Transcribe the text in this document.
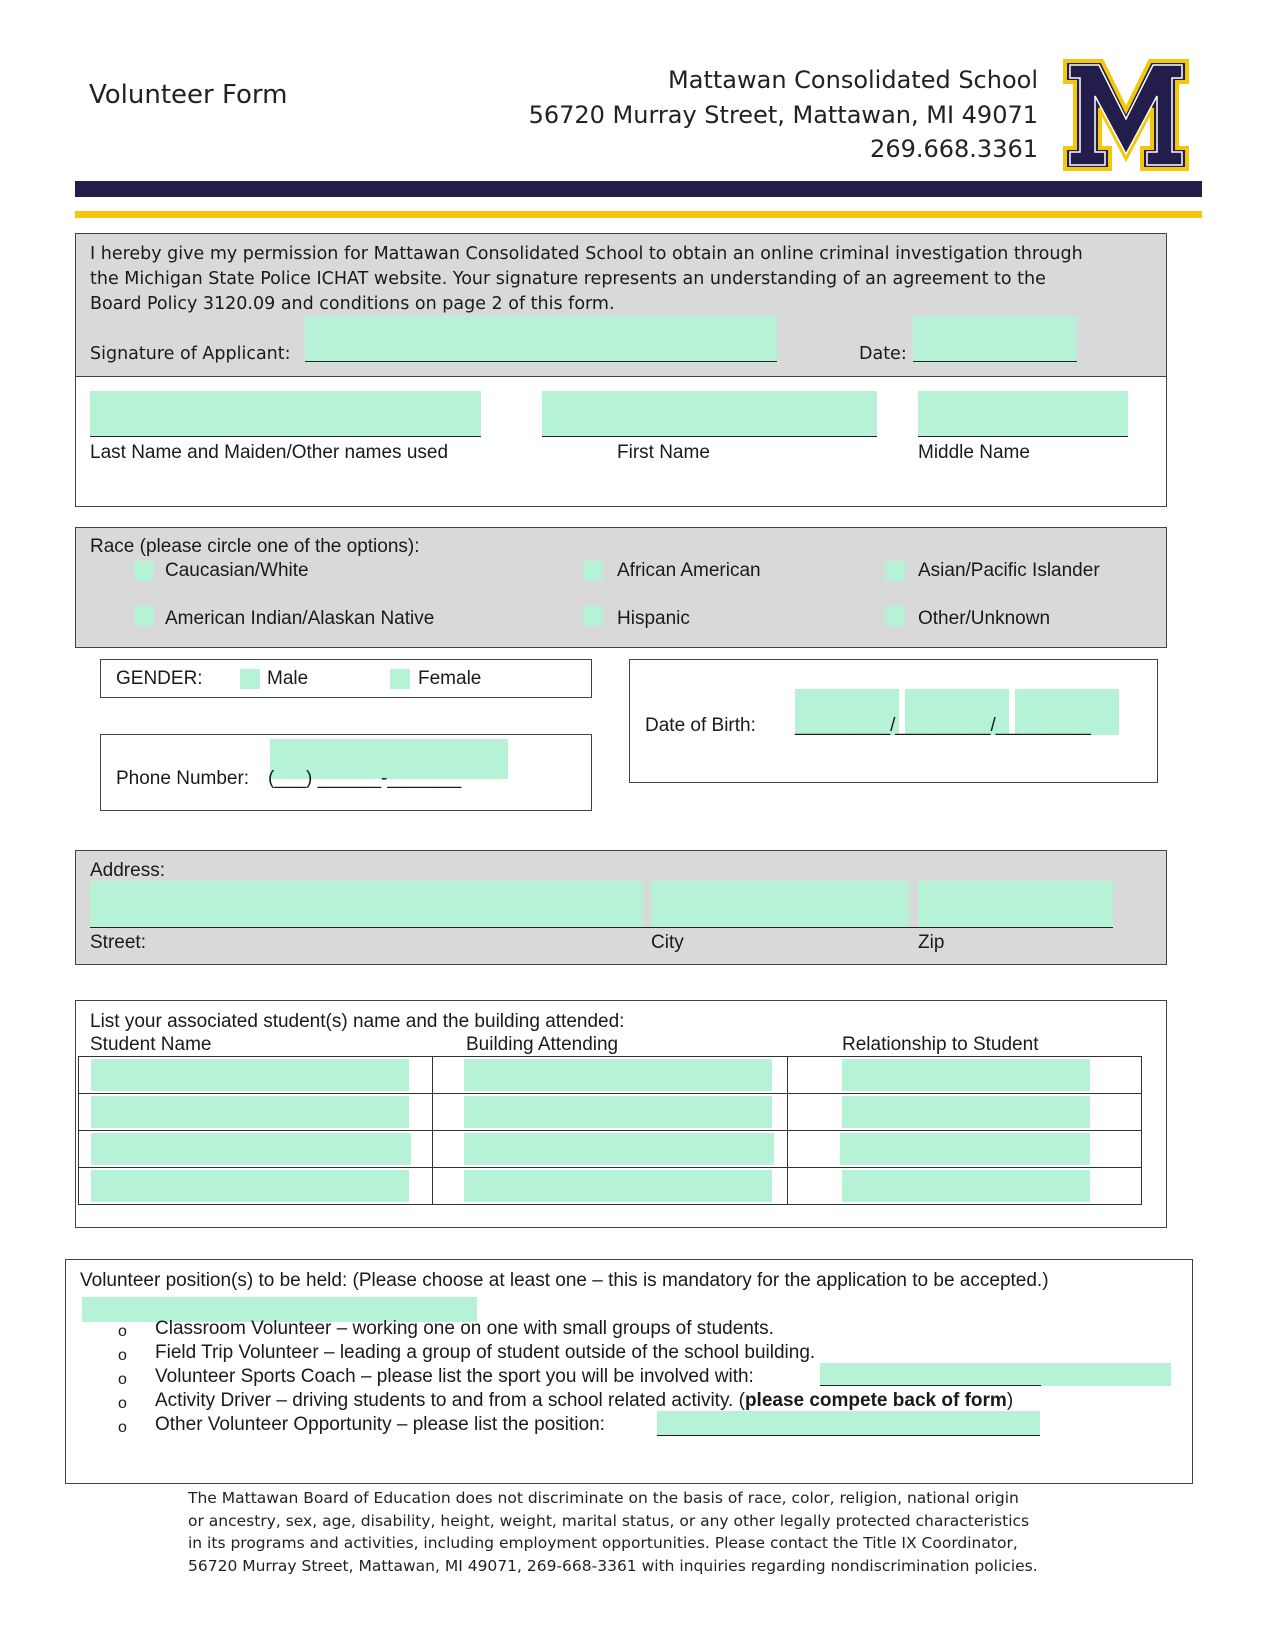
Volunteer Form	Mattawan Consolidated School
56720 Murray Street, Mattawan, MI 49071
269.668.3361
I hereby give my permission for Mattawan Consolidated School to obtain an online criminal investigation through
the Michigan State Police ICHAT website. Your signature represents an understanding of an agreement to the
Board Policy 3120.09 and conditions on page 2 of this form.
Signature of Applicant:	Date:
Last Name and Maiden/Other names used	First Name	Middle Name
Race (please circle one of the options):
Caucasian/White	African American	Asian/Pacific Islander
American Indian/Alaskan Native	Hispanic	Other/Unknown
GENDER:	Male	Female
Phone Number: (___) ______-_______
Date of Birth: _________/_________/_________
Address:
Street:	City	Zip
List your associated student(s) name and the building attended:
Student Name	Building Attending	Relationship to Student

Volunteer position(s) to be held: (Please choose at least one – this is mandatory for the application to be accepted.)
o Classroom Volunteer – working one on one with small groups of students.
o Field Trip Volunteer – leading a group of student outside of the school building.
o Volunteer Sports Coach – please list the sport you will be involved with:
o Activity Driver – driving students to and from a school related activity. (please compete back of form)
o Other Volunteer Opportunity – please list the position:
The Mattawan Board of Education does not discriminate on the basis of race, color, religion, national origin
or ancestry, sex, age, disability, height, weight, marital status, or any other legally protected characteristics
in its programs and activities, including employment opportunities. Please contact the Title IX Coordinator,
56720 Murray Street, Mattawan, MI 49071, 269-668-3361 with inquiries regarding nondiscrimination policies.
